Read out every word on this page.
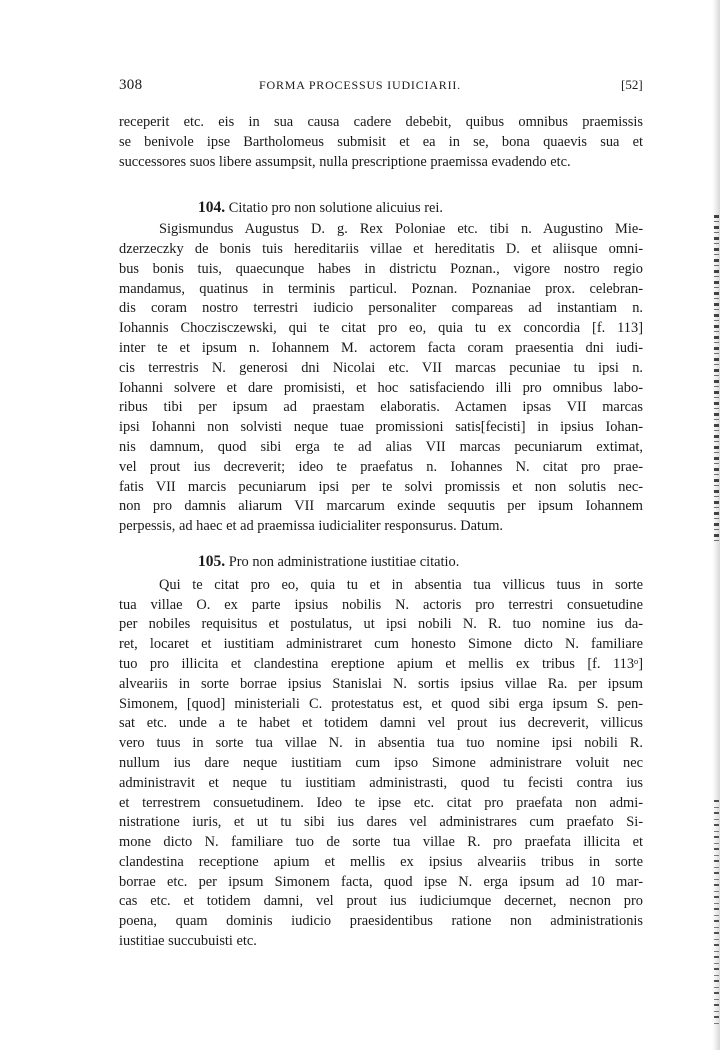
308	FORMA PROCESSUS IUDICIARII.	[52]
receperit etc. eis in sua causa cadere debebit, quibus omnibus praemissis
se benivole ipse Bartholomeus submisit et ea in se, bona quaevis sua et
successores suos libere assumpsit, nulla prescriptione praemissa evadendo etc.
104. Citatio pro non solutione alicuius rei.
Sigismundus Augustus D. g. Rex Poloniae etc. tibi n. Augustino Mie-
dzerzeczky de bonis tuis hereditariis villae et hereditatis D. et aliisque omni-
bus bonis tuis, quaecunque habes in districtu Poznan., vigore nostro regio
mandamus, quatinus in terminis particul. Poznan. Poznaniae prox. celebran-
dis coram nostro terrestri iudicio personaliter compareas ad instantiam n.
Iohannis Choczisczewski, qui te citat pro eo, quia tu ex concordia [f. 113]
inter te et ipsum n. Iohannem M. actorem facta coram praesentia dni iudi-
cis terrestris N. generosi dni Nicolai etc. VII marcas pecuniae tu ipsi n.
Iohanni solvere et dare promisisti, et hoc satisfaciendo illi pro omnibus labo-
ribus tibi per ipsum ad praestam elaboratis. Actamen ipsas VII marcas
ipsi Iohanni non solvisti neque tuae promissioni satis[fecisti] in ipsius Iohan-
nis damnum, quod sibi erga te ad alias VII marcas pecuniarum extimat,
vel prout ius decreverit; ideo te praefatus n. Iohannes N. citat pro prae-
fatis VII marcis pecuniarum ipsi per te solvi promissis et non solutis nec-
non pro damnis aliarum VII marcarum exinde sequutis per ipsum Iohannem
perpessis, ad haec et ad praemissa iudicialiter responsurus. Datum.
105. Pro non administratione iustitiae citatio.
Qui te citat pro eo, quia tu et in absentia tua villicus tuus in sorte
tua villae O. ex parte ipsius nobilis N. actoris pro terrestri consuetudine
per nobiles requisitus et postulatus, ut ipsi nobili N. R. tuo nomine ius da-
ret, locaret et iustitiam administraret cum honesto Simone dicto N. familiare
tuo pro illicita et clandestina ereptione apium et mellis ex tribus [f. 113ᵒ]
alveariis in sorte borrae ipsius Stanislai N. sortis ipsius villae Ra. per ipsum
Simonem, [quod] ministeriali C. protestatus est, et quod sibi erga ipsum S. pen-
sat etc. unde a te habet et totidem damni vel prout ius decreverit, villicus
vero tuus in sorte tua villae N. in absentia tua tuo nomine ipsi nobili R.
nullum ius dare neque iustitiam cum ipso Simone administrare voluit nec
administravit et neque tu iustitiam administrasti, quod tu fecisti contra ius
et terrestrem consuetudinem. Ideo te ipse etc. citat pro praefata non admi-
nistratione iuris, et ut tu sibi ius dares vel administrares cum praefato Si-
mone dicto N. familiare tuo de sorte tua villae R. pro praefata illicita et
clandestina receptione apium et mellis ex ipsius alveariis tribus in sorte
borrae etc. per ipsum Simonem facta, quod ipse N. erga ipsum ad 10 mar-
cas etc. et totidem damni, vel prout ius iudiciumque decernet, necnon pro
poena, quam dominis iudicio praesidentibus ratione non administrationis
iustitiae succubuisti etc.
